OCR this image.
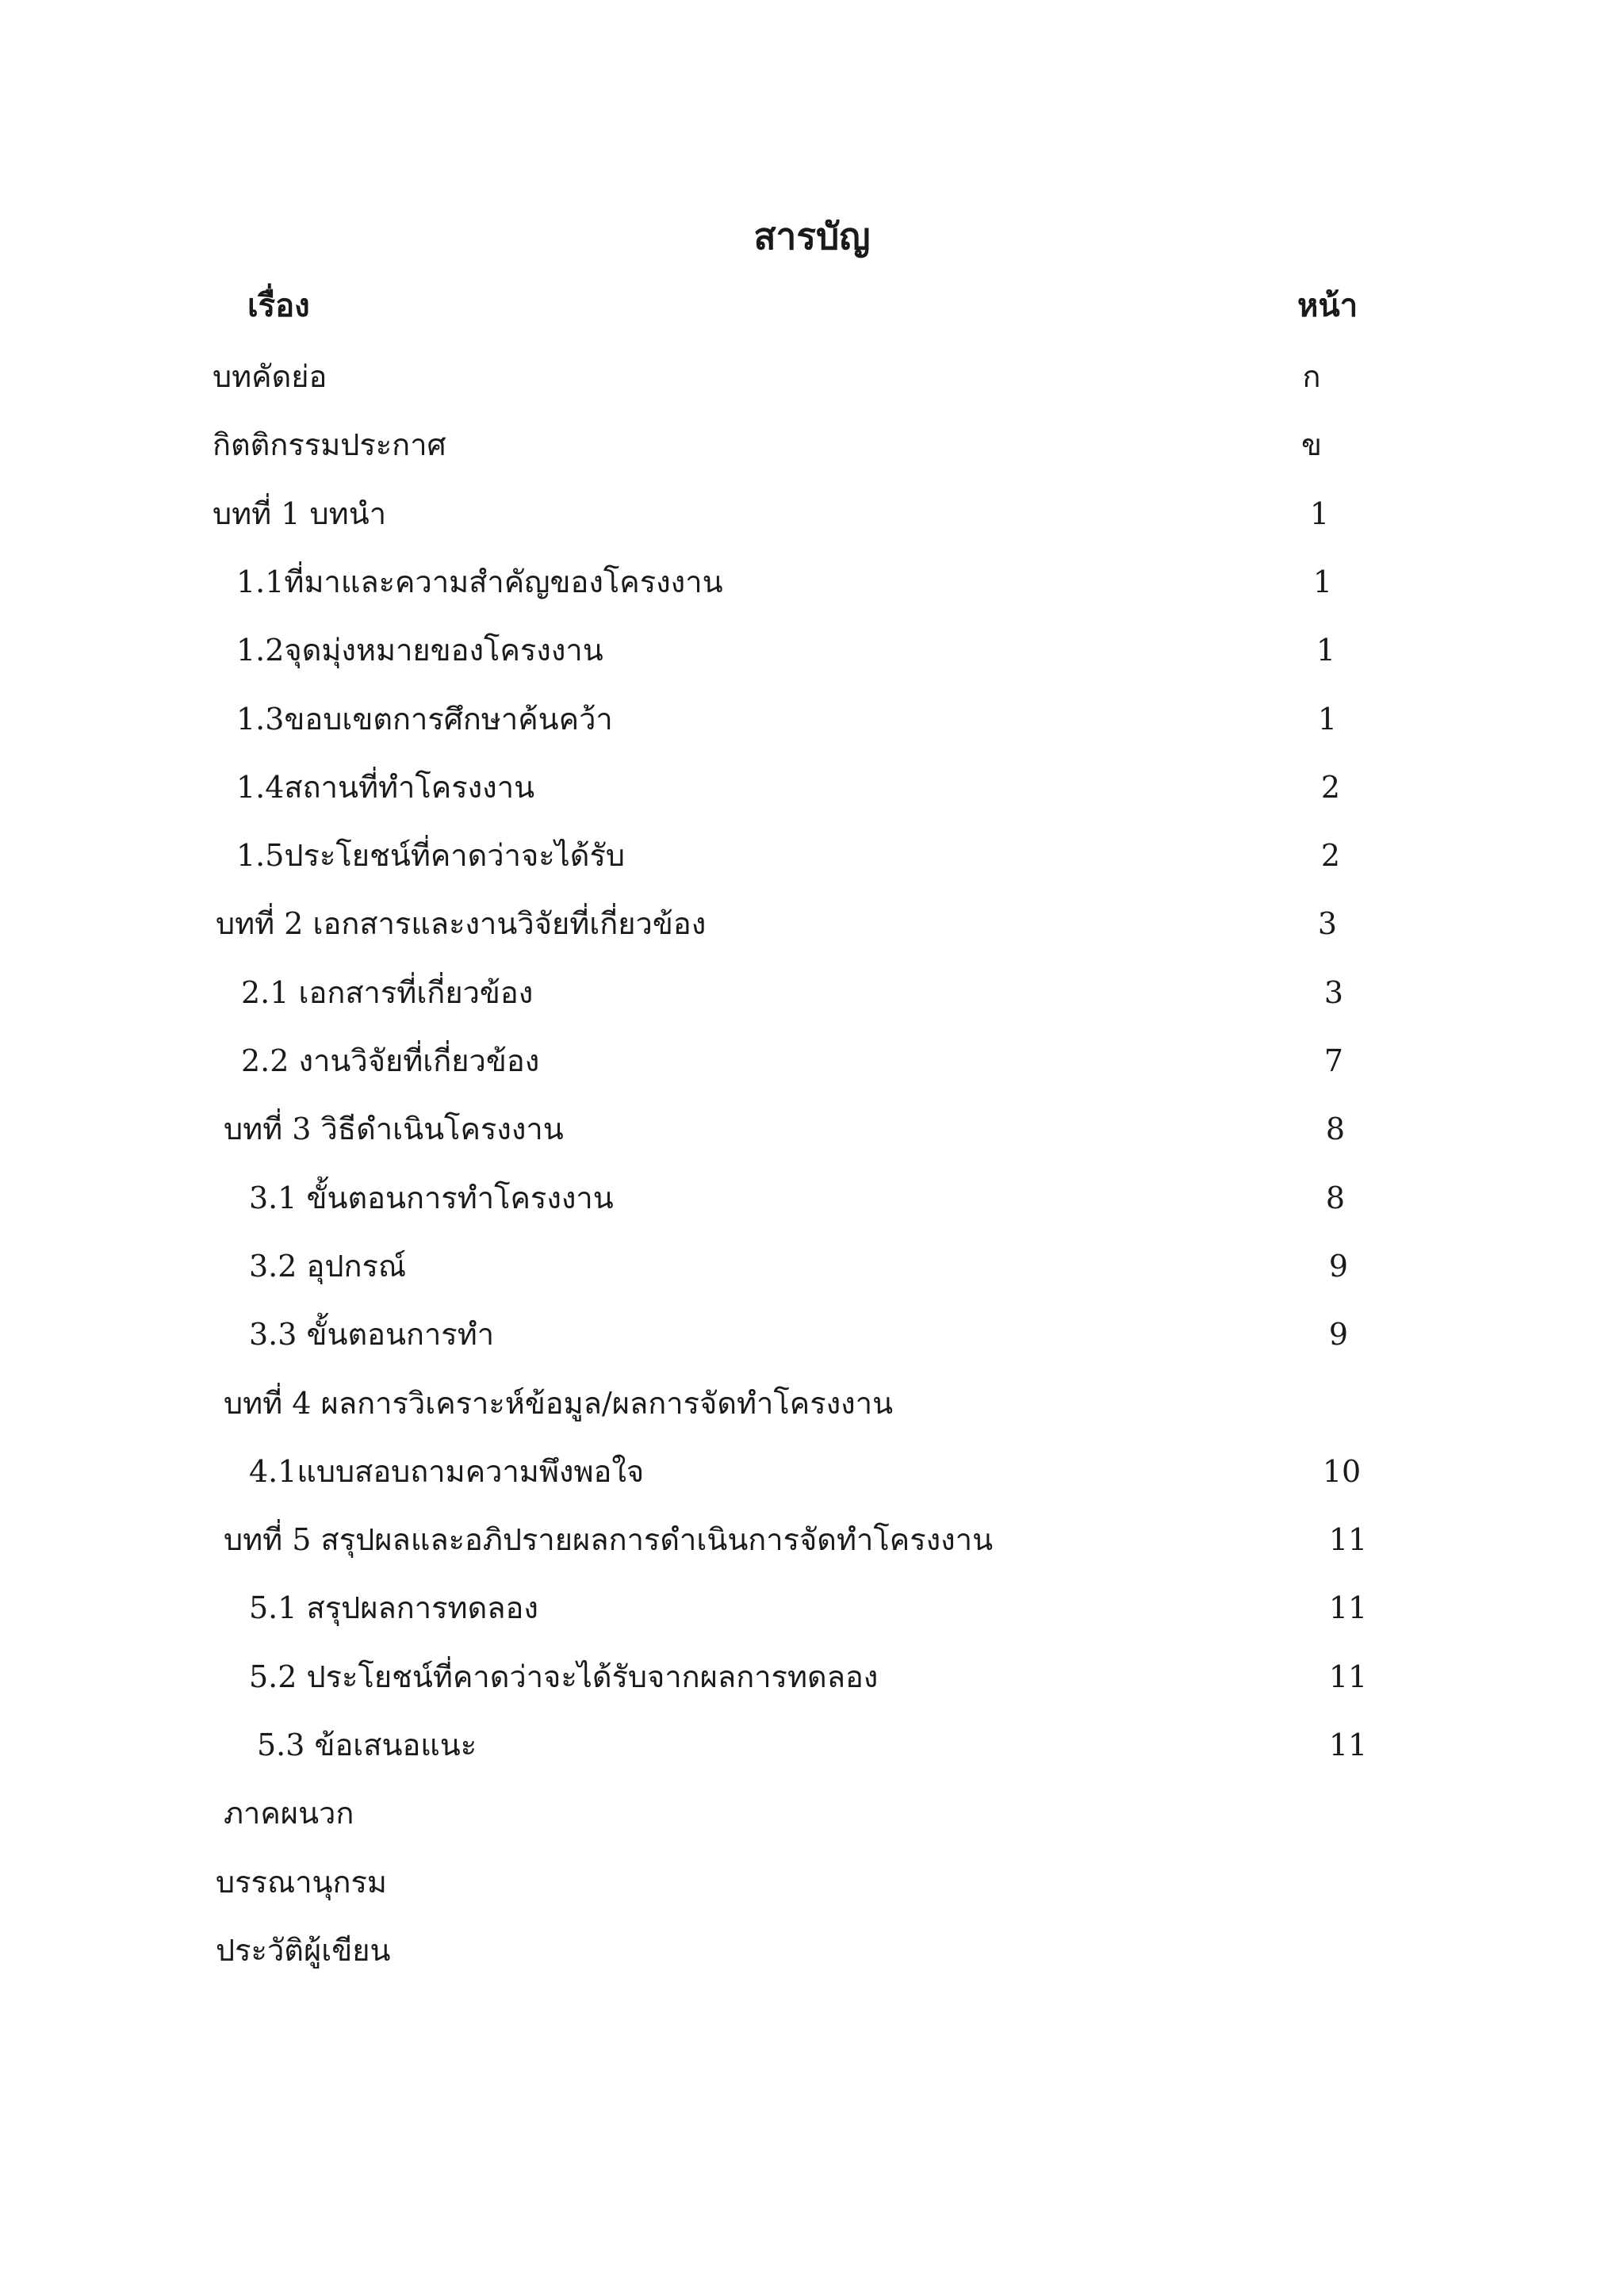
สารบัญ
เรื่อง	หน้า
บทคัดย่อ	ก
กิตติกรรมประกาศ	ข
บทที่ 1 บทนำ	1
1.1ที่มาและความสำคัญของโครงงาน	1
1.2จุดมุ่งหมายของโครงงาน	1
1.3ขอบเขตการศึกษาค้นคว้า	1
1.4สถานที่ทำโครงงาน	2
1.5ประโยชน์ที่คาดว่าจะได้รับ	2
บทที่ 2 เอกสารและงานวิจัยที่เกี่ยวข้อง	3
2.1 เอกสารที่เกี่ยวข้อง	3
2.2 งานวิจัยที่เกี่ยวข้อง	7
บทที่ 3 วิธีดำเนินโครงงาน	8
3.1 ขั้นตอนการทำโครงงาน	8
3.2 อุปกรณ์	9
3.3 ขั้นตอนการทำ	9
บทที่ 4 ผลการวิเคราะห์ข้อมูล/ผลการจัดทำโครงงาน
4.1แบบสอบถามความพึงพอใจ	10
บทที่ 5 สรุปผลและอภิปรายผลการดำเนินการจัดทำโครงงาน	11
5.1 สรุปผลการทดลอง	11
5.2 ประโยชน์ที่คาดว่าจะได้รับจากผลการทดลอง	11
5.3 ข้อเสนอแนะ	11
ภาคผนวก
บรรณานุกรม
ประวัติผู้เขียน
